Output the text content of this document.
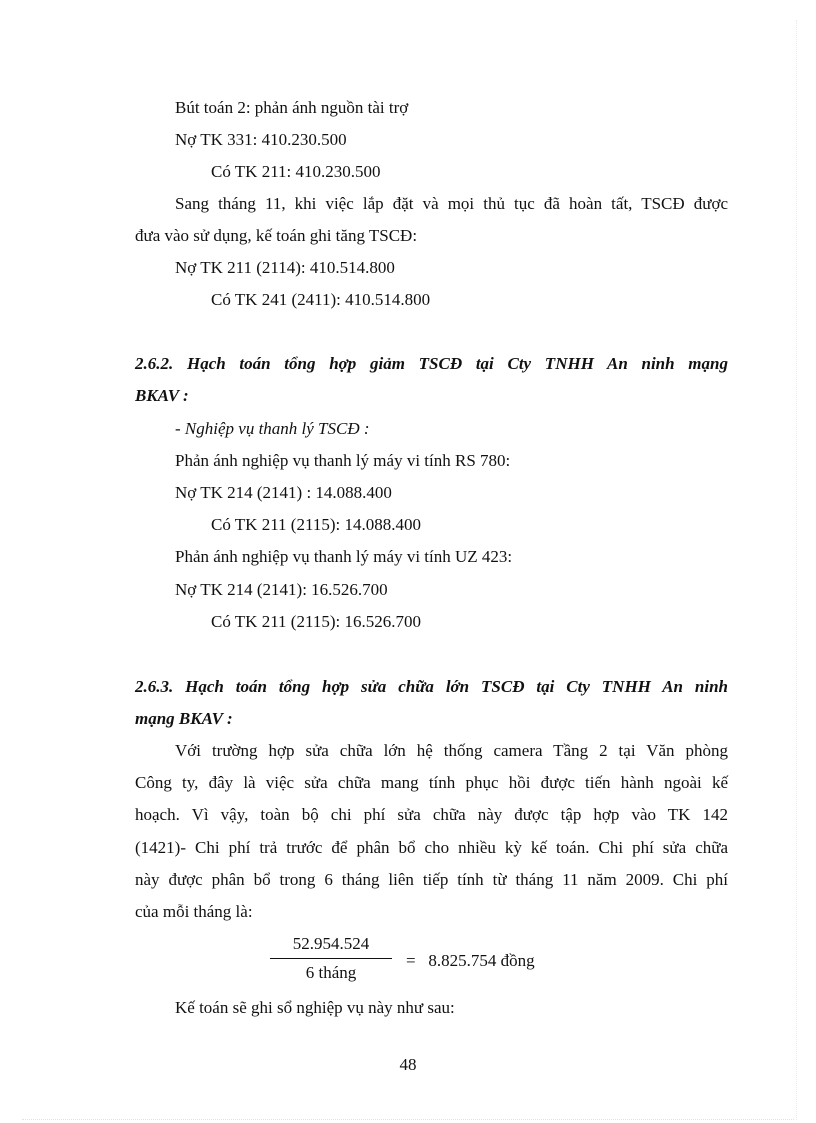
Bút toán 2: phản ánh nguồn tài trợ
Nợ TK 331: 410.230.500
Có TK 211: 410.230.500
Sang tháng 11, khi việc lắp đặt và mọi thủ tục đã hoàn tất, TSCĐ được
đưa vào sử dụng, kế toán ghi tăng TSCĐ:
Nợ TK 211 (2114): 410.514.800
Có TK 241 (2411): 410.514.800
2.6.2. Hạch toán tổng hợp giảm TSCĐ tại Cty TNHH An ninh mạng
BKAV :
- Nghiệp vụ thanh lý TSCĐ :
Phản ánh nghiệp vụ thanh lý máy vi tính RS 780:
Nợ TK 214 (2141) : 14.088.400
Có TK 211 (2115): 14.088.400
Phản ánh nghiệp vụ thanh lý máy vi tính UZ 423:
Nợ TK 214 (2141): 16.526.700
Có TK 211 (2115): 16.526.700
2.6.3. Hạch toán tổng hợp sửa chữa lớn TSCĐ tại Cty TNHH An ninh
mạng BKAV :
Với trường hợp sửa chữa lớn hệ thống camera Tầng 2 tại Văn phòng
Công ty, đây là việc sửa chữa mang tính phục hồi được tiến hành ngoài kế
hoạch. Vì vậy, toàn bộ chi phí sửa chữa này được tập hợp vào TK 142
(1421)- Chi phí trả trước để phân bổ cho nhiều kỳ kế toán. Chi phí sửa chữa
này được phân bổ trong 6 tháng liên tiếp tính từ tháng 11 năm 2009. Chi phí
của mỗi tháng là:
52.954.524
6 tháng
=   8.825.754 đồng
Kế toán sẽ ghi sổ nghiệp vụ này như sau:
48
